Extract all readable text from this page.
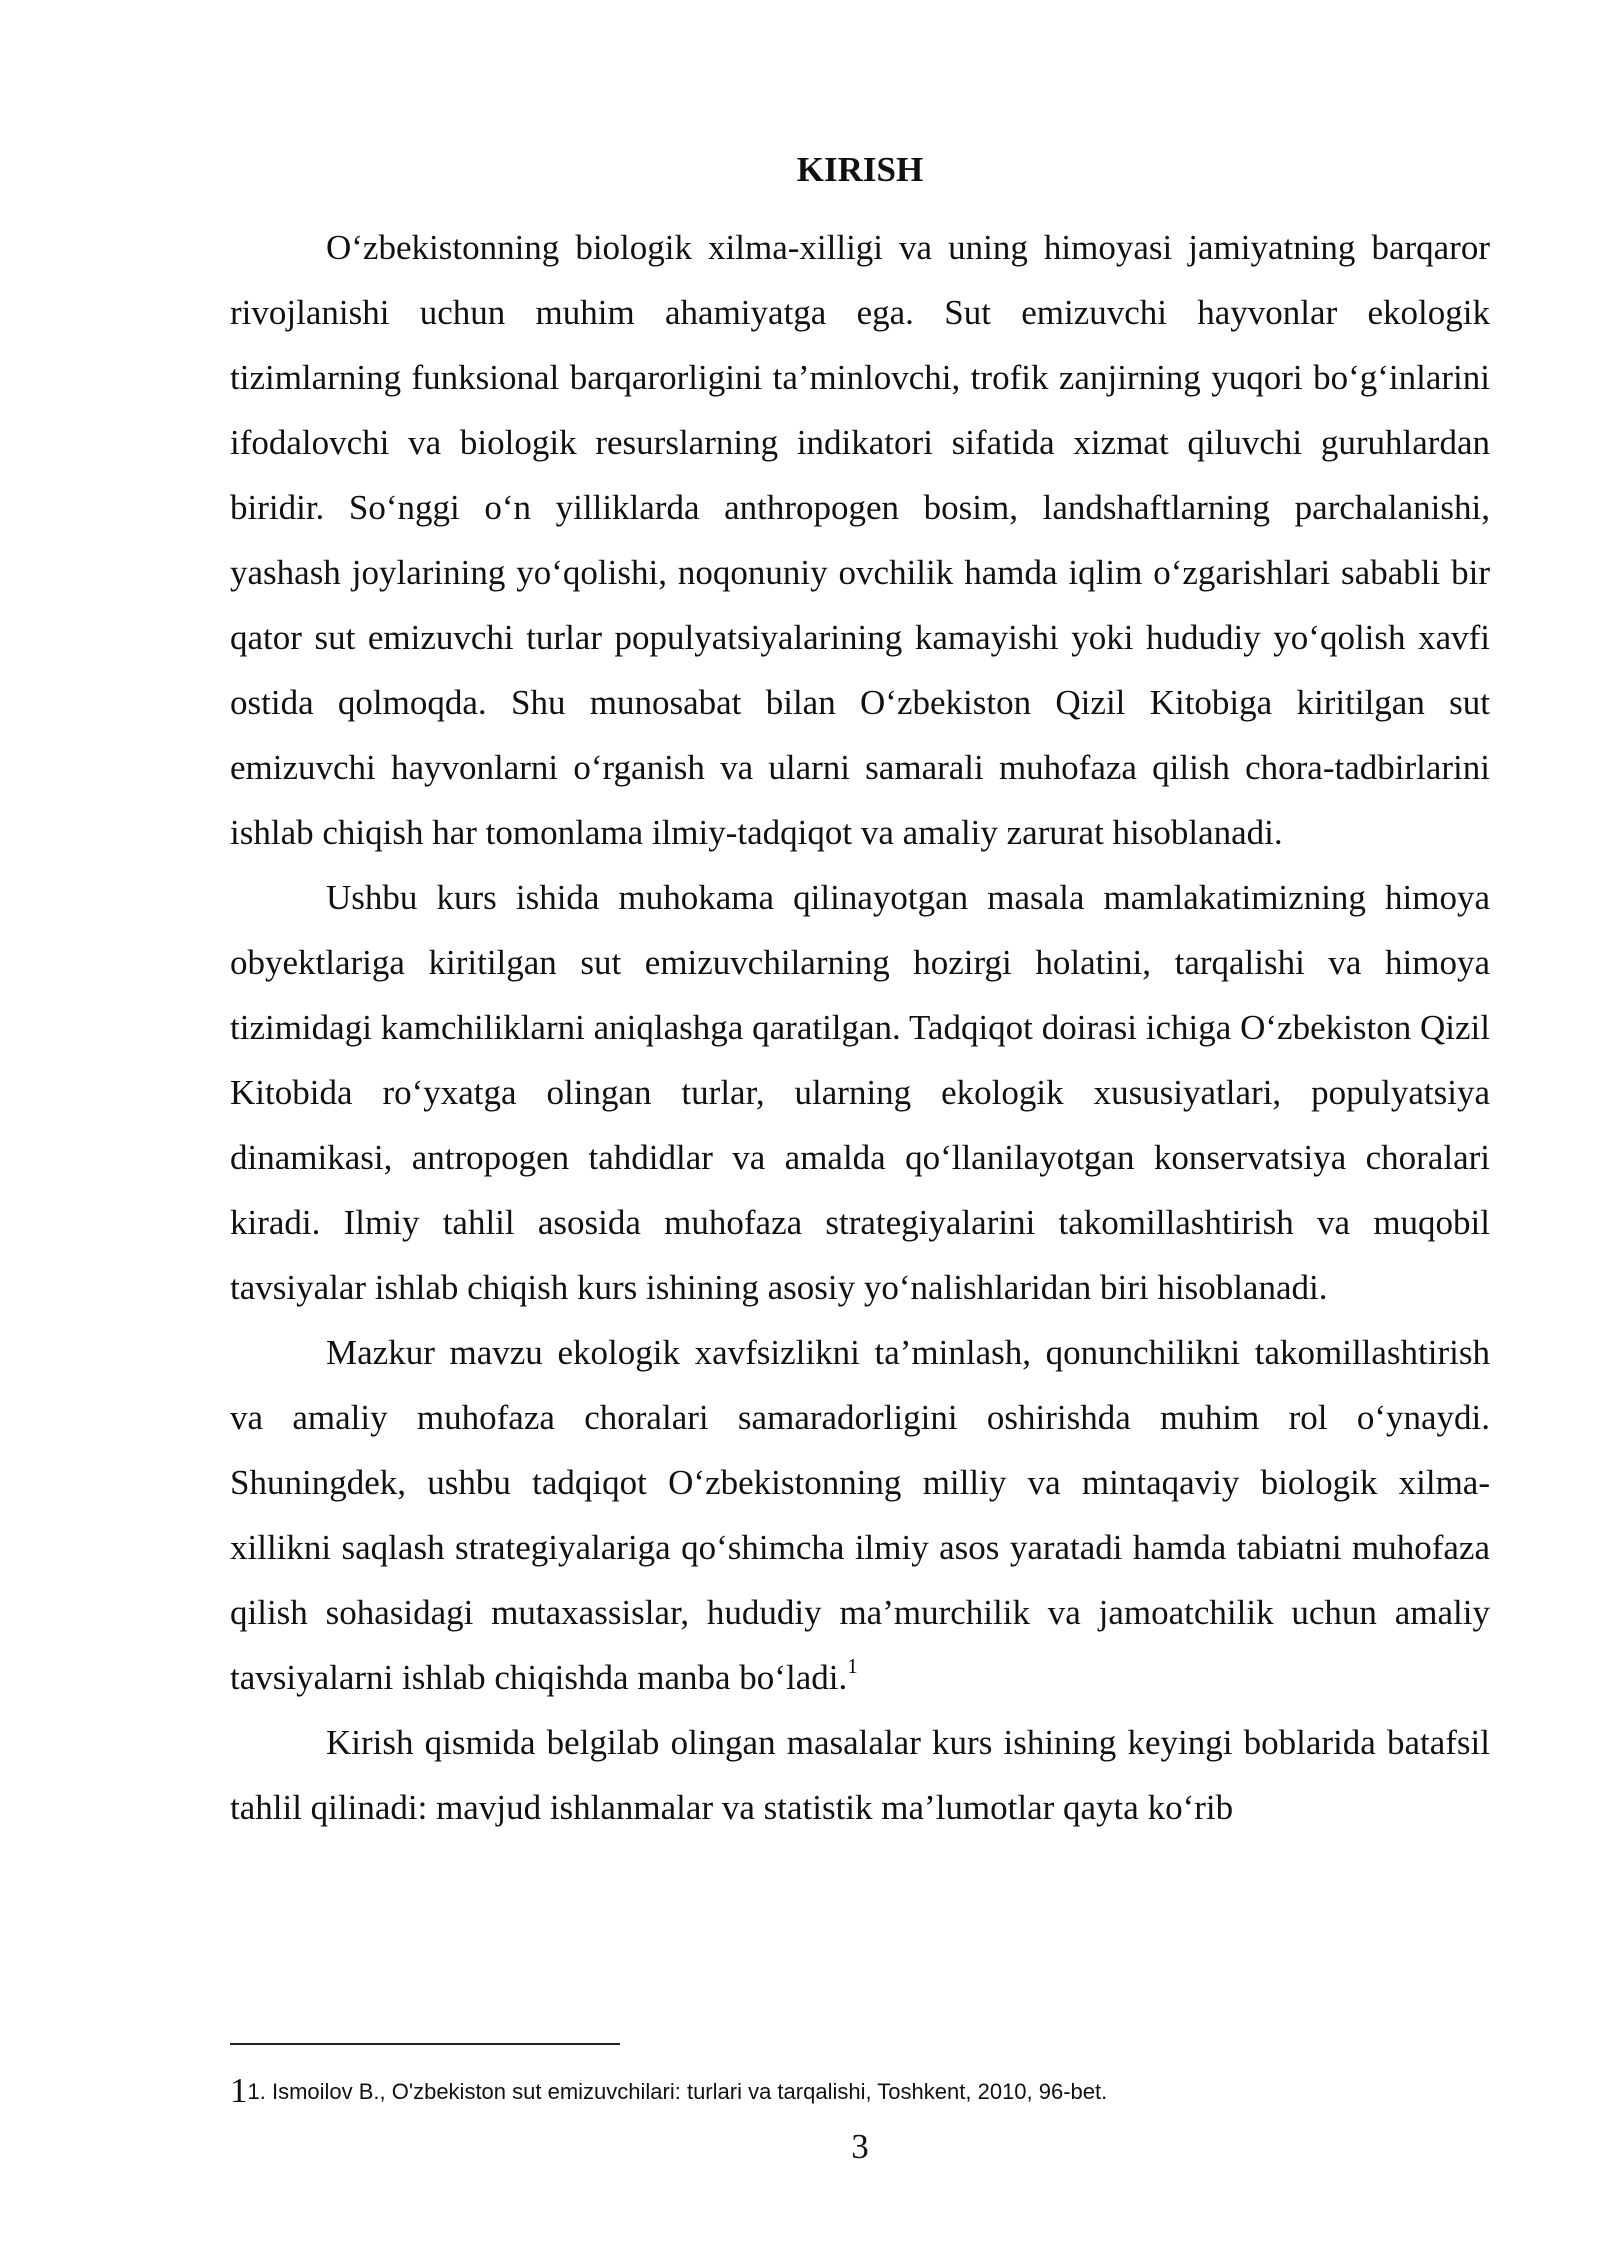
KIRISH

O‘zbekistonning biologik xilma-xilligi va uning himoyasi jamiyatning barqaror rivojlanishi uchun muhim ahamiyatga ega. Sut emizuvchi hayvonlar ekologik tizimlarning funksional barqarorligini ta’minlovchi, trofik zanjirning yuqori bo‘g‘inlarini ifodalovchi va biologik resurslarning indikatori sifatida xizmat qiluvchi guruhlardan biridir. So‘nggi o‘n yilliklarda anthropogen bosim, landshaftlarning parchalanishi, yashash joylarining yo‘qolishi, noqonuniy ovchilik hamda iqlim o‘zgarishlari sababli bir qator sut emizuvchi turlar populyatsiyalarining kamayishi yoki hududiy yo‘qolish xavfi ostida qolmoqda. Shu munosabat bilan O‘zbekiston Qizil Kitobiga kiritilgan sut emizuvchi hayvonlarni o‘rganish va ularni samarali muhofaza qilish chora-tadbirlarini ishlab chiqish har tomonlama ilmiy-tadqiqot va amaliy zarurat hisoblanadi.

Ushbu kurs ishida muhokama qilinayotgan masala mamlakatimizning himoya obyektlariga kiritilgan sut emizuvchilarning hozirgi holatini, tarqalishi va himoya tizimidagi kamchiliklarni aniqlashga qaratilgan. Tadqiqot doirasi ichiga O‘zbekiston Qizil Kitobida ro‘yxatga olingan turlar, ularning ekologik xususiyatlari, populyatsiya dinamikasi, antropogen tahdidlar va amalda qo‘llanilayotgan konservatsiya choralari kiradi. Ilmiy tahlil asosida muhofaza strategiyalarini takomillashtirish va muqobil tavsiyalar ishlab chiqish kurs ishining asosiy yo‘nalishlaridan biri hisoblanadi.

Mazkur mavzu ekologik xavfsizlikni ta’minlash, qonunchilikni takomillashtirish va amaliy muhofaza choralari samaradorligini oshirishda muhim rol o‘ynaydi. Shuningdek, ushbu tadqiqot O‘zbekistonning milliy va mintaqaviy biologik xilma-xillikni saqlash strategiyalariga qo‘shimcha ilmiy asos yaratadi hamda tabiatni muhofaza qilish sohasidagi mutaxassislar, hududiy ma’murchilik va jamoatchilik uchun amaliy tavsiyalarni ishlab chiqishda manba bo‘ladi.$^1$

Kirish qismida belgilab olingan masalalar kurs ishining keyingi boblarida batafsil tahlil qilinadi: mavjud ishlanmalar va statistik ma’lumotlar qayta ko‘rib

11. Ismoilov B., O'zbekiston sut emizuvchilari: turlari va tarqalishi, Toshkent, 2010, 96-bet.

3
